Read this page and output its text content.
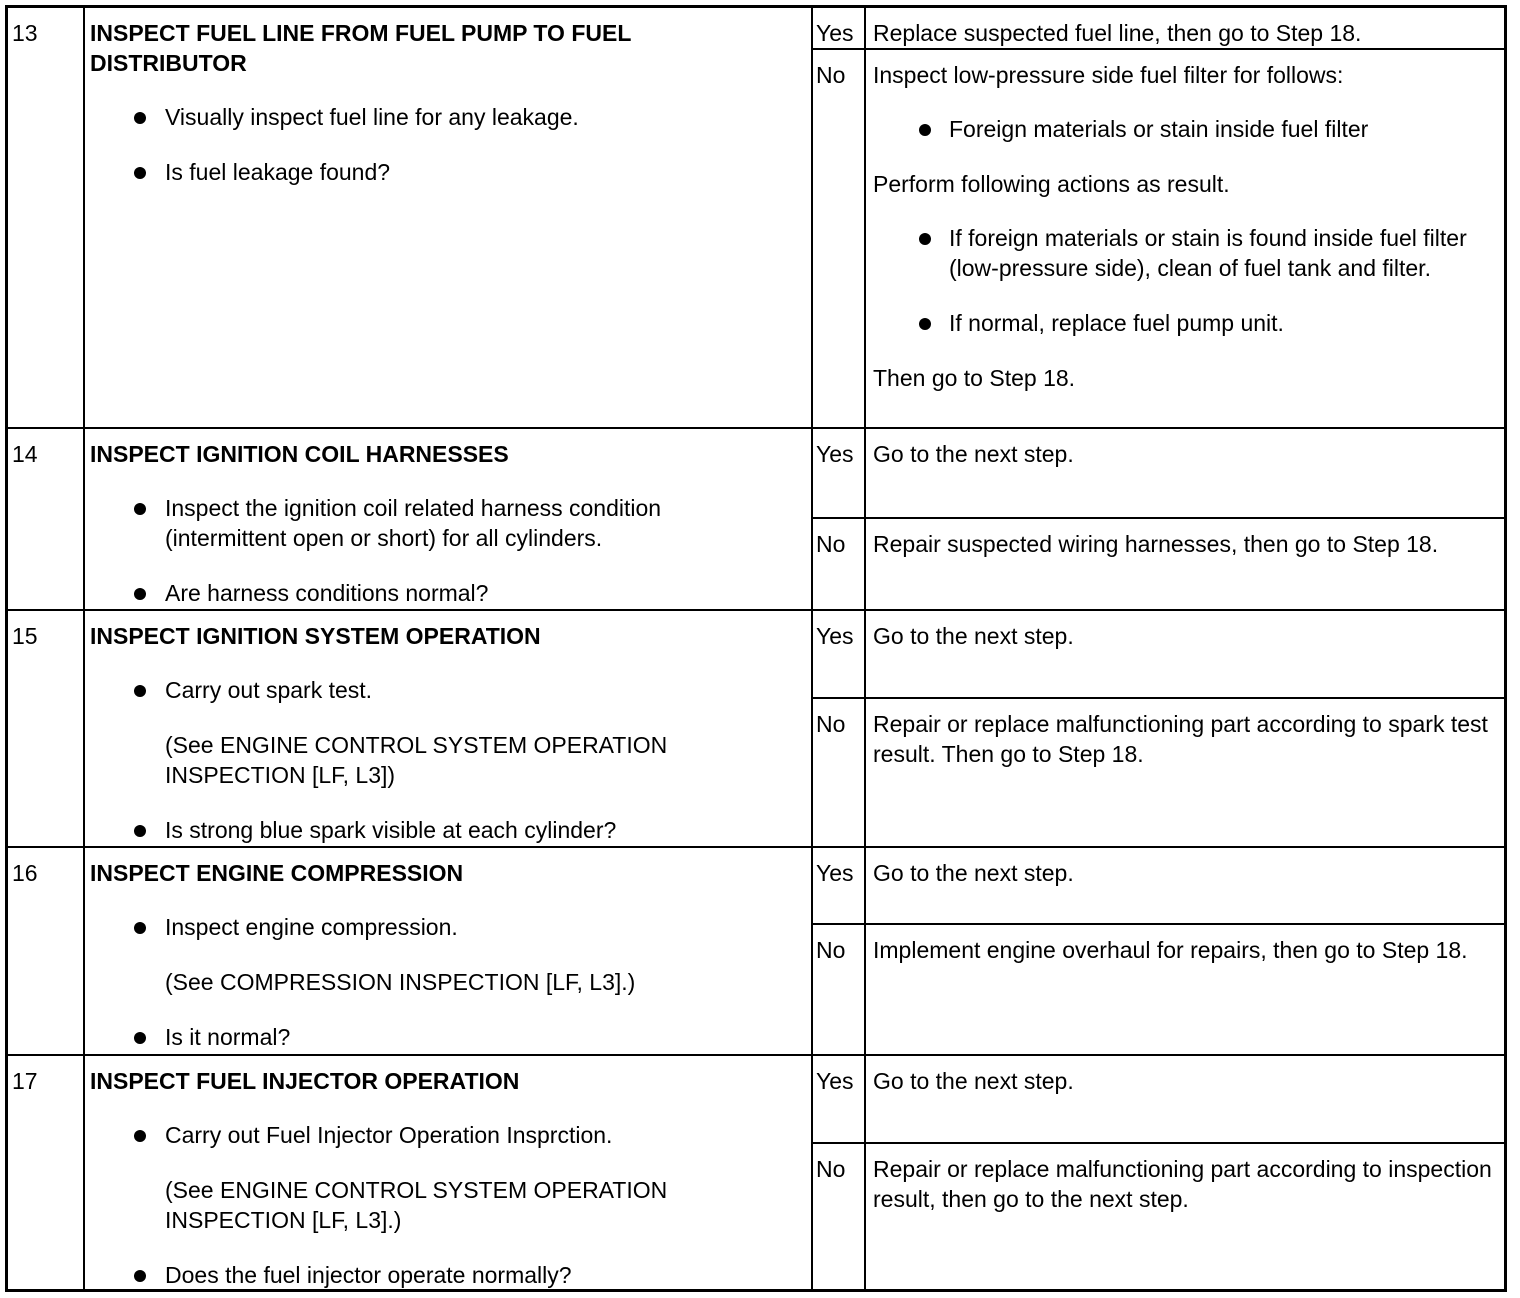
13	INSPECT FUEL LINE FROM FUEL PUMP TO FUEL DISTRIBUTOR
Visually inspect fuel line for any leakage.
Is fuel leakage found?
Yes Replace suspected fuel line, then go to Step 18.
No	Inspect low-pressure side fuel filter for follows:

Foreign materials or stain inside fuel filter

Perform following actions as result.

If foreign materials or stain is found inside fuel filter (low-pressure side), clean of fuel tank and filter.
If normal, replace fuel pump unit.

Then go to Step 18.

14	INSPECT IGNITION COIL HARNESSES
Inspect the ignition coil related harness condition (intermittent open or short) for all cylinders.
Are harness conditions normal?
Yes Go to the next step.
No	Repair suspected wiring harnesses, then go to Step 18.
15	INSPECT IGNITION SYSTEM OPERATION
Carry out spark test.
(See ENGINE CONTROL SYSTEM OPERATION INSPECTION [LF, L3])
Is strong blue spark visible at each cylinder?
Yes Go to the next step.
No	Repair or replace malfunctioning part according to spark test result. Then go to Step 18.
16	INSPECT ENGINE COMPRESSION
Inspect engine compression.
(See COMPRESSION INSPECTION [LF, L3].)
Is it normal?
Yes Go to the next step.
No	Implement engine overhaul for repairs, then go to Step 18.
17	INSPECT FUEL INJECTOR OPERATION
Carry out Fuel Injector Operation Insprction.
(See ENGINE CONTROL SYSTEM OPERATION INSPECTION [LF, L3].)
Does the fuel injector operate normally?
Yes Go to the next step.
No	Repair or replace malfunctioning part according to inspection result, then go to the next step.
